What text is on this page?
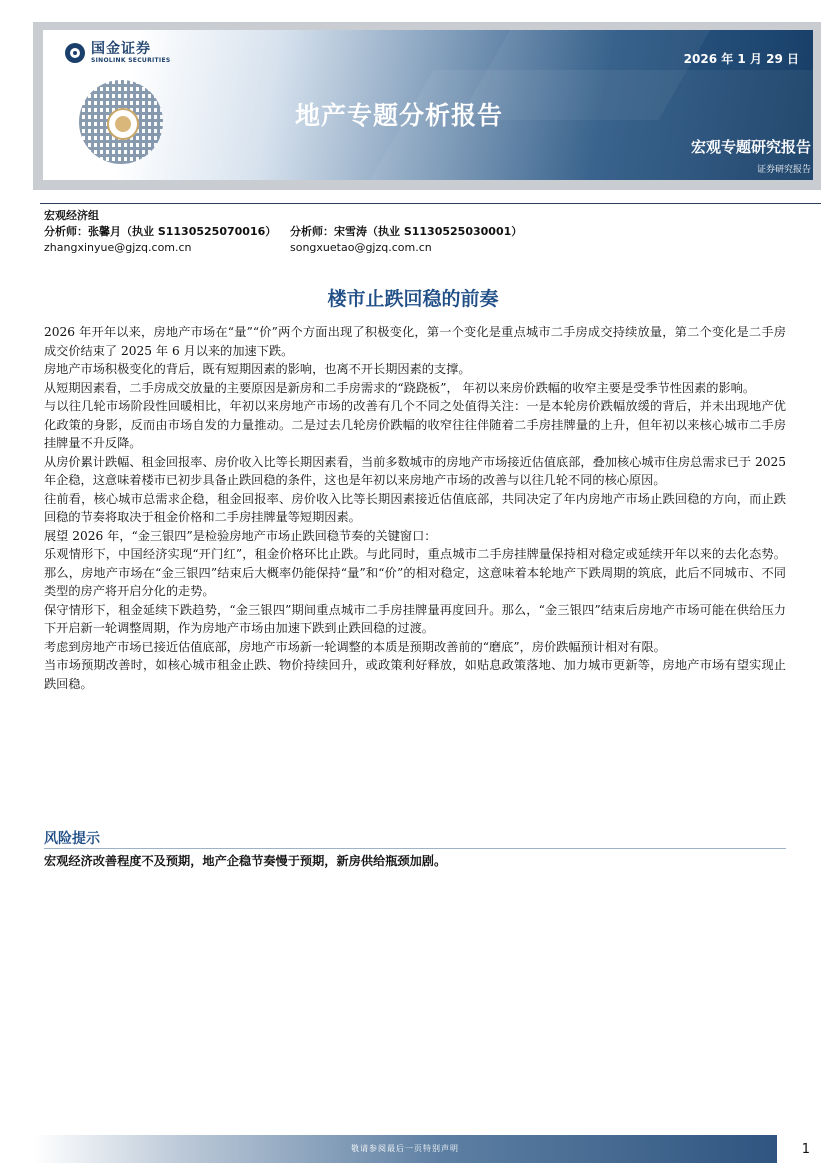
国金证券
SINOLINK SECURITIES	2026 年 1 月 29 日
地产专题分析报告
宏观专题研究报告
证券研究报告
宏观经济组
分析师：张馨月（执业 S1130525070016）	分析师：宋雪涛（执业 S1130525030001）
zhangxinyue@gjzq.com.cn	songxuetao@gjzq.com.cn
楼市止跌回稳的前奏

2026 年开年以来，房地产市场在“量”“价”两个方面出现了积极变化，第一个变化是重点城市二手房成交持续放量，第二个变化是二手房成交价结束了 2025 年 6 月以来的加速下跌。

房地产市场积极变化的背后，既有短期因素的影响，也离不开长期因素的支撑。

从短期因素看，二手房成交放量的主要原因是新房和二手房需求的“跷跷板”， 年初以来房价跌幅的收窄主要是受季节性因素的影响。

与以往几轮市场阶段性回暖相比，年初以来房地产市场的改善有几个不同之处值得关注：一是本轮房价跌幅放缓的背后，并未出现地产优化政策的身影，反而由市场自发的力量推动。二是过去几轮房价跌幅的收窄往往伴随着二手房挂牌量的上升，但年初以来核心城市二手房挂牌量不升反降。

从房价累计跌幅、租金回报率、房价收入比等长期因素看，当前多数城市的房地产市场接近估值底部，叠加核心城市住房总需求已于 2025 年企稳，这意味着楼市已初步具备止跌回稳的条件，这也是年初以来房地产市场的改善与以往几轮不同的核心原因。

往前看，核心城市总需求企稳，租金回报率、房价收入比等长期因素接近估值底部，共同决定了年内房地产市场止跌回稳的方向，而止跌回稳的节奏将取决于租金价格和二手房挂牌量等短期因素。

展望 2026 年，“金三银四”是检验房地产市场止跌回稳节奏的关键窗口：

乐观情形下，中国经济实现“开门红”，租金价格环比止跌。与此同时，重点城市二手房挂牌量保持相对稳定或延续开年以来的去化态势。那么，房地产市场在“金三银四”结束后大概率仍能保持“量”和“价”的相对稳定，这意味着本轮地产下跌周期的筑底，此后不同城市、不同类型的房产将开启分化的走势。

保守情形下，租金延续下跌趋势，“金三银四”期间重点城市二手房挂牌量再度回升。那么，“金三银四”结束后房地产市场可能在供给压力下开启新一轮调整周期，作为房地产市场由加速下跌到止跌回稳的过渡。

考虑到房地产市场已接近估值底部，房地产市场新一轮调整的本质是预期改善前的“磨底”，房价跌幅预计相对有限。

当市场预期改善时，如核心城市租金止跌、物价持续回升，或政策利好释放，如贴息政策落地、加力城市更新等，房地产市场有望实现止跌回稳。

风险提示
宏观经济改善程度不及预期，地产企稳节奏慢于预期，新房供给瓶颈加剧。
敬请参阅最后一页特别声明	1
